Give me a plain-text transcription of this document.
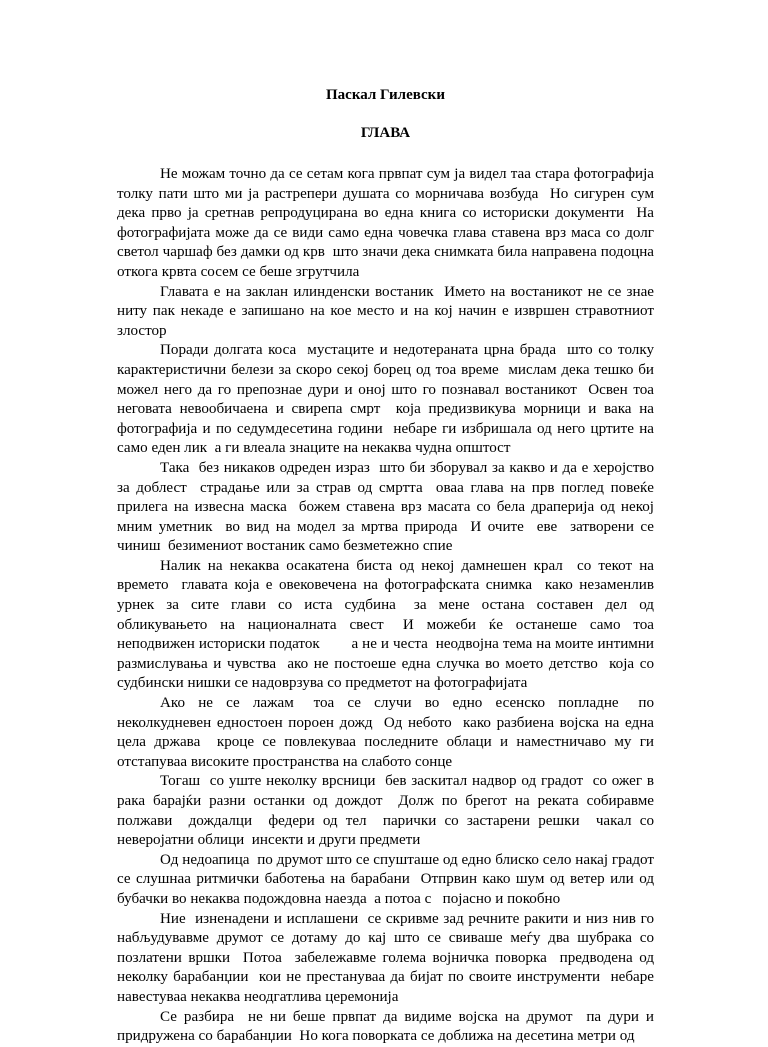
Паскал Гилевски
ГЛАВА

Не можам точно да се сетам кога првпат сум ја видел таа стара фотографија  толку пати што ми ја растрепери душата со морничава возбуда  Но сигурен сум дека прво ја сретнав репродуцирана во една книга со историски документи  На фотографијата може да се види само една човечка глава ставена врз маса со долг светол чаршаф без дамки од крв  што значи дека снимката била направена подоцна  откога крвта сосем се беше згрутчила

Главата е на заклан илинденски востаник  Името на востаникот не се знае  ниту пак некаде е запишано на кое место и на кој начин е извршен стравотниот злостор

Поради долгата коса  мустаците и недотераната црна брада  што со толку карактеристични белези за скоро секој борец од тоа време  мислам дека тешко би можел него да го препознае дури и оној што го познавал востаникот  Освен тоа  неговата невообичаена и свирепа смрт  која предизвикува морници и вака на фотографија и по седумдесетина години  небаре ги избришала од него цртите на само еден лик  а ги влеала знаците на некаква чудна општост

Така  без никаков одреден израз  што би зборувал за какво и да е херојство  за доблест  страдање или за страв од смртта  оваа глава на прв поглед повеќе прилега на извесна маска  божем ставена врз масата со бела драперија од некој мним уметник  во вид на модел за мртва природа  И очите  еве  затворени се  чиниш  безимениот востаник само безметежно спие

Налик на некаква осакатена биста од некој дамнешен крал  со текот на времето  главата која е овековечена на фотографската снимка  како незаменлив урнек  за  сите  глави  со  иста  судбина   за  мене  остана  составен  дел  од обликувањето  на  националната  свест   И  можеби  ќе  останеше  само  тоа неподвижен историски податок        а не и честа  неодвојна тема на моите интимни размислувања и чувства  ако не постоеше една случка во моето детство  која со судбински нишки се надоврзува со предметот на фотографијата

Ако  не  се  лажам   тоа  се  случи  во  едно  есенско  попладне   по неколкудневен едностоен пороен дожд  Од небото  како разбиена војска на една цела држава  кроце се повлекуваа последните облаци и наместничаво му ги отстапуваа високите пространства на слабото сонце

Тогаш  со уште неколку врсници  бев заскитал надвор од градот  со ожег в рака барајќи разни останки од дождот  Долж по брегот на реката собиравме полжави  дождалци  федери од тел  парички со застарени решки  чакал со неверојатни облици  инсекти и други предмети

Од недоапица  по друмот што се спушташе од едно блиско село накај градот  се слушнаа ритмички баботења на барабани  Отпрвин како шум од ветер или од бубачки во некаква подождовна наезда  а потоа с   појасно и покобно

Ние  изненадени и исплашени  се скривме зад речните ракити и низ нив го набљудувавме друмот се дотаму до кај што се свиваше меѓу два шубрака со позлатени вршки  Потоа  забележавме голема војничка поворка  предводена од неколку барабанџии  кои не престануваа да бијат по своите инструменти  небаре навестуваа некаква неодгатлива церемонија

Се разбира  не ни беше првпат да видиме војска на друмот  па дури и придружена со барабанџии  Но кога поворката се доближа на десетина метри од
